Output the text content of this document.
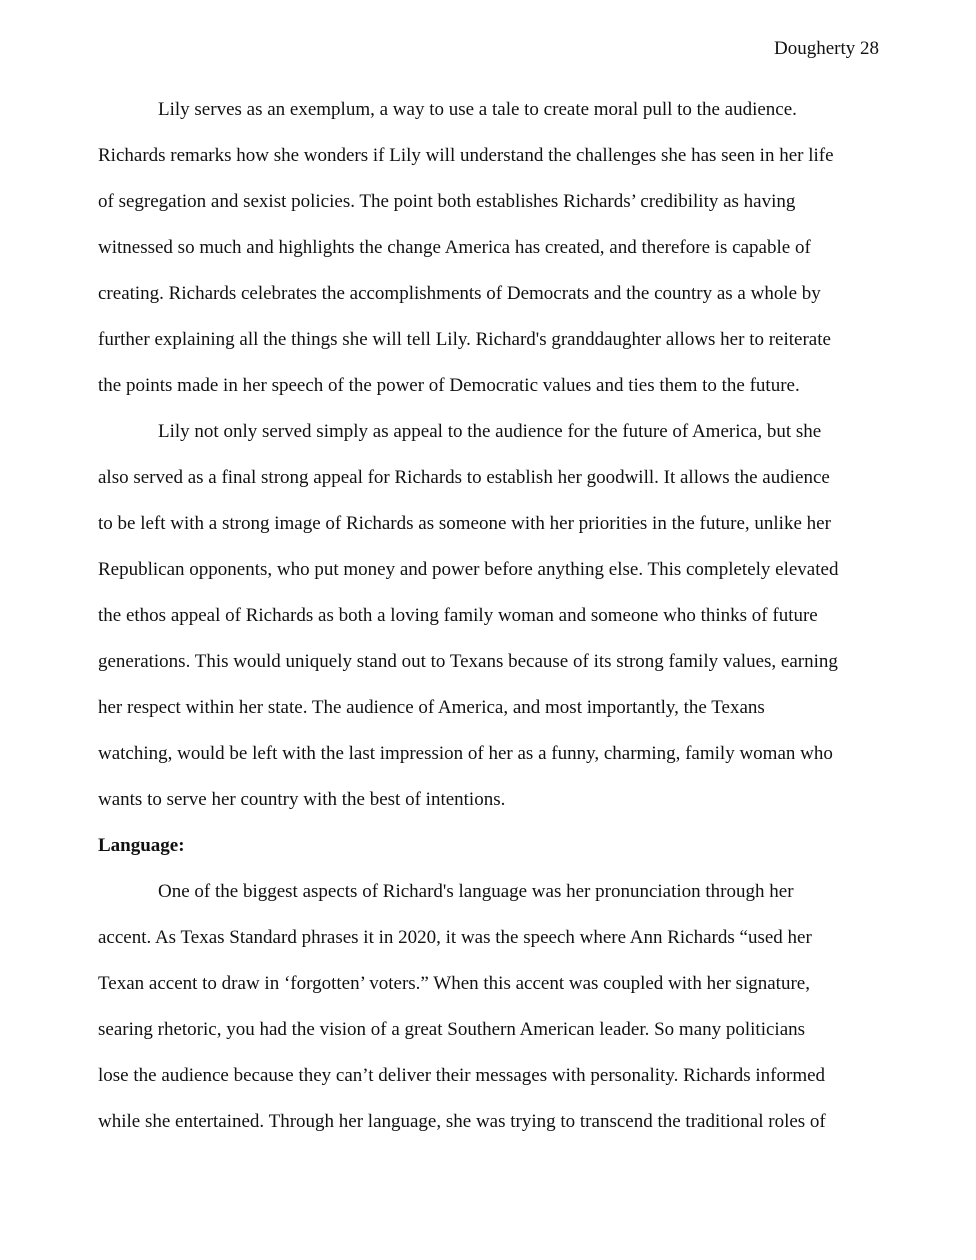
Dougherty 28
Lily serves as an exemplum, a way to use a tale to create moral pull to the audience.
Richards remarks how she wonders if Lily will understand the challenges she has seen in her life
of segregation and sexist policies. The point both establishes Richards’ credibility as having
witnessed so much and highlights the change America has created, and therefore is capable of
creating. Richards celebrates the accomplishments of Democrats and the country as a whole by
further explaining all the things she will tell Lily. Richard's granddaughter allows her to reiterate
the points made in her speech of the power of Democratic values and ties them to the future.
Lily not only served simply as appeal to the audience for the future of America, but she
also served as a final strong appeal for Richards to establish her goodwill. It allows the audience
to be left with a strong image of Richards as someone with her priorities in the future, unlike her
Republican opponents, who put money and power before anything else. This completely elevated
the ethos appeal of Richards as both a loving family woman and someone who thinks of future
generations. This would uniquely stand out to Texans because of its strong family values, earning
her respect within her state. The audience of America, and most importantly, the Texans
watching, would be left with the last impression of her as a funny, charming, family woman who
wants to serve her country with the best of intentions.
Language:
One of the biggest aspects of Richard's language was her pronunciation through her
accent. As Texas Standard phrases it in 2020, it was the speech where Ann Richards “used her
Texan accent to draw in ‘forgotten’ voters.” When this accent was coupled with her signature,
searing rhetoric, you had the vision of a great Southern American leader. So many politicians
lose the audience because they can’t deliver their messages with personality. Richards informed
while she entertained. Through her language, she was trying to transcend the traditional roles of
